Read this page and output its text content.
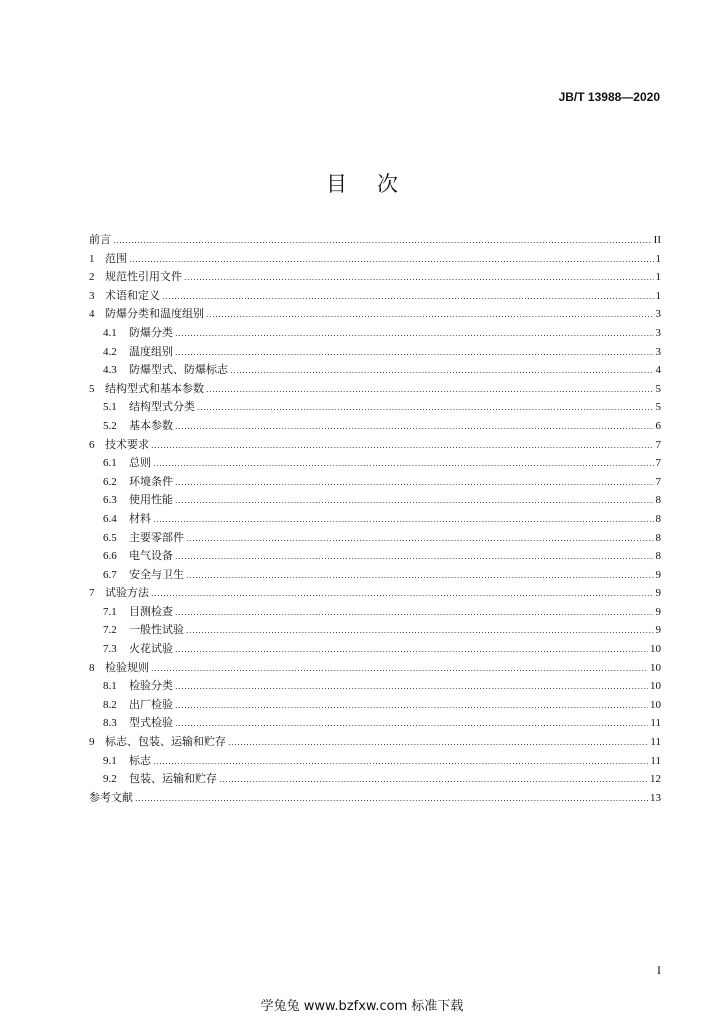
JB/T 13988—2020
目次
前言 .....	II
1 范围 .....	1
2 规范性引用文件 .....	1
3 术语和定义 .....	1
4 防爆分类和温度组别 .....	3
4.1	防爆分类 .....	3
4.2	温度组别 .....	3
4.3	防爆型式、防爆标志 .....	4
5 结构型式和基本参数 .....	5
5.1	结构型式分类 .....	5
5.2	基本参数 .....	6
6 技术要求 .....	7
6.1	总则 .....	7
6.2	环境条件 .....	7
6.3	使用性能 .....	8
6.4	材料 .....	8
6.5	主要零部件 .....	8
6.6	电气设备 .....	8
6.7	安全与卫生 .....	9
7 试验方法 .....	9
7.1	目测检查 .....	9
7.2	一般性试验 .....	9
7.3	火花试验 .....	10
8 检验规则 .....	10
8.1	检验分类 .....	10
8.2	出厂检验 .....	10
8.3	型式检验 .....	11
9 标志、包装、运输和贮存 .....	11
9.1	标志 .....	11
9.2	包装、运输和贮存 .....	12
参考文献 .....	13
I
学兔兔 www.bzfxw.com 标准下载
